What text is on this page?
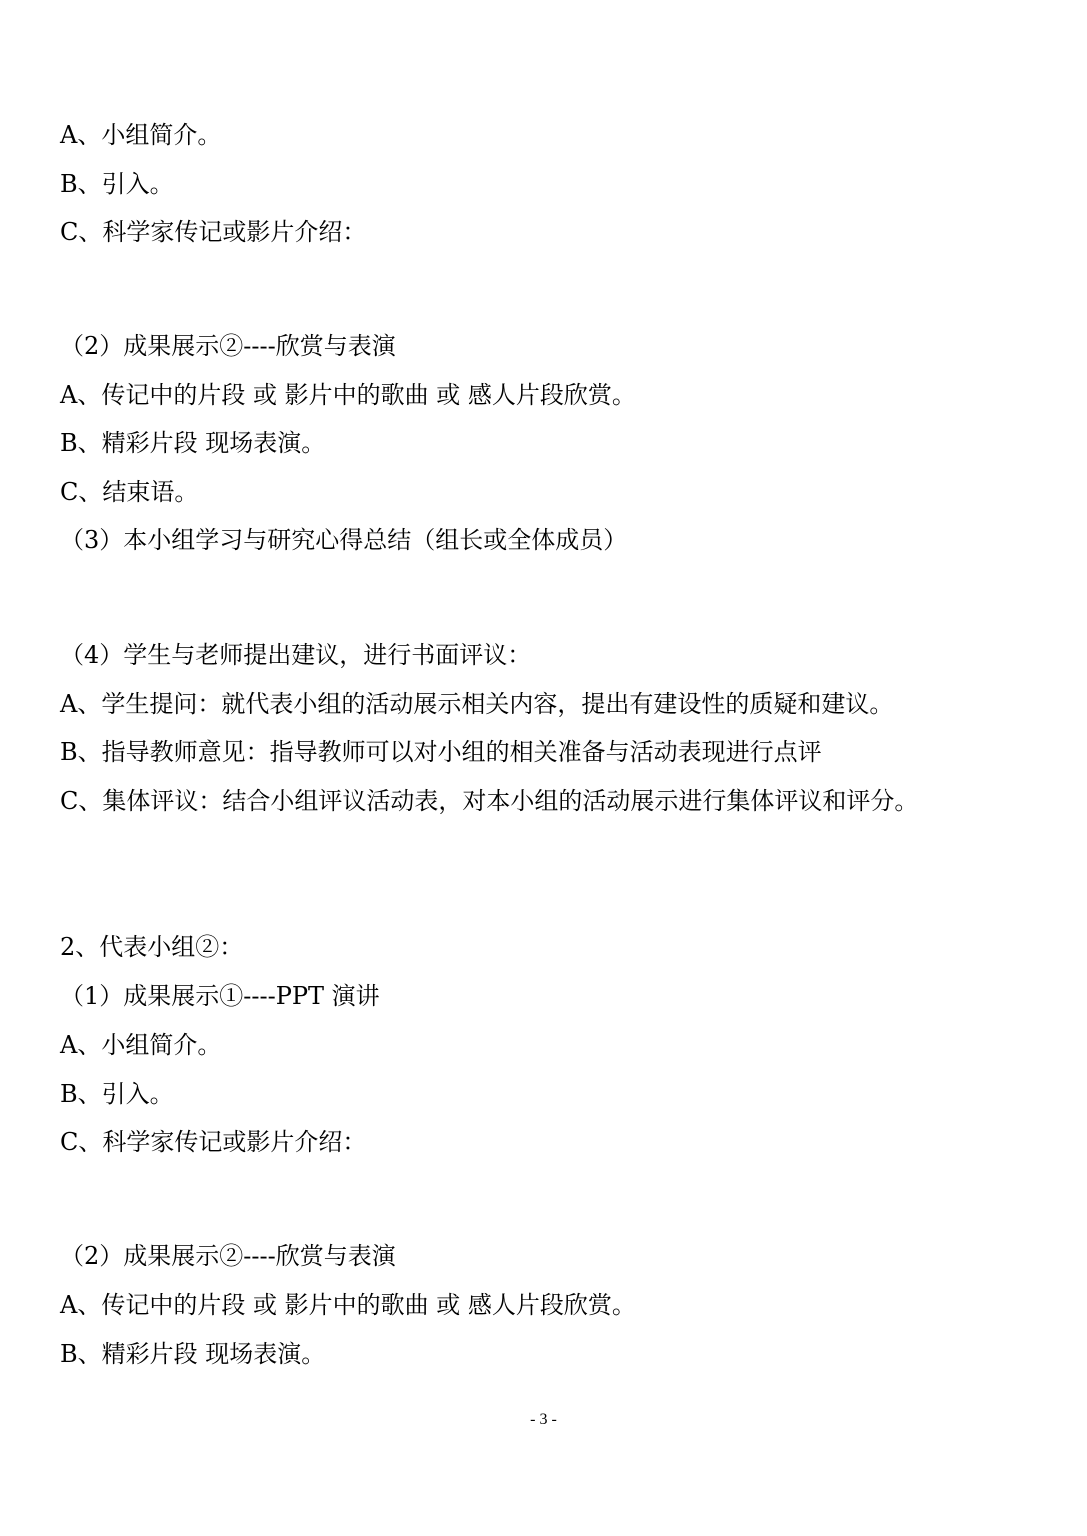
A、小组简介。
B、引入。
C、科学家传记或影片介绍：
（2）成果展示②----欣赏与表演
A、传记中的片段 或 影片中的歌曲 或 感人片段欣赏。
B、精彩片段 现场表演。
C、结束语。
（3）本小组学习与研究心得总结（组长或全体成员）
（4）学生与老师提出建议，进行书面评议：
A、学生提问：就代表小组的活动展示相关内容，提出有建设性的质疑和建议。
B、指导教师意见：指导教师可以对小组的相关准备与活动表现进行点评
C、集体评议：结合小组评议活动表，对本小组的活动展示进行集体评议和评分。
2、代表小组②：
（1）成果展示①----PPT 演讲
A、小组简介。
B、引入。
C、科学家传记或影片介绍：
（2）成果展示②----欣赏与表演
A、传记中的片段 或 影片中的歌曲 或 感人片段欣赏。
B、精彩片段 现场表演。
- 3 -
